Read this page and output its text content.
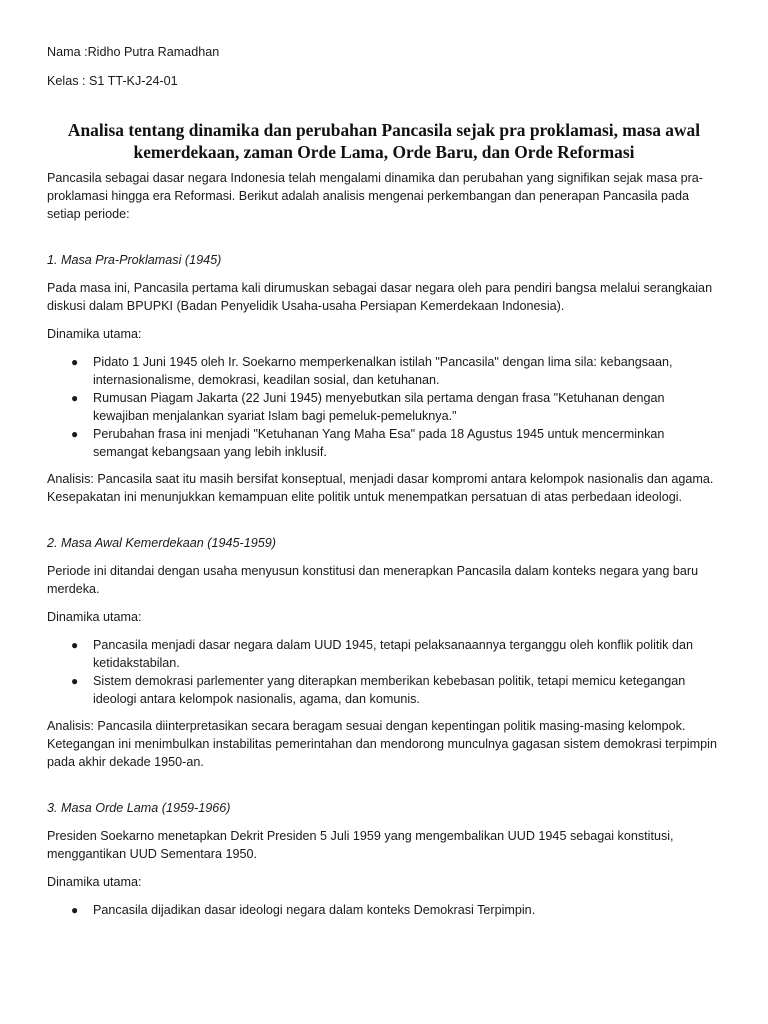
Nama :Ridho Putra Ramadhan
Kelas : S1 TT-KJ-24-01
Analisa tentang dinamika dan perubahan Pancasila sejak pra proklamasi, masa awal kemerdekaan, zaman Orde Lama, Orde Baru, dan Orde Reformasi

Pancasila sebagai dasar negara Indonesia telah mengalami dinamika dan perubahan yang signifikan sejak masa pra-proklamasi hingga era Reformasi. Berikut adalah analisis mengenai perkembangan dan penerapan Pancasila pada setiap periode:

1. Masa Pra-Proklamasi (1945)

Pada masa ini, Pancasila pertama kali dirumuskan sebagai dasar negara oleh para pendiri bangsa melalui serangkaian diskusi dalam BPUPKI (Badan Penyelidik Usaha-usaha Persiapan Kemerdekaan Indonesia).

Dinamika utama:

● Pidato 1 Juni 1945 oleh Ir. Soekarno memperkenalkan istilah "Pancasila" dengan lima sila: kebangsaan, internasionalisme, demokrasi, keadilan sosial, dan ketuhanan.
● Rumusan Piagam Jakarta (22 Juni 1945) menyebutkan sila pertama dengan frasa "Ketuhanan dengan kewajiban menjalankan syariat Islam bagi pemeluk-pemeluknya."
● Perubahan frasa ini menjadi "Ketuhanan Yang Maha Esa" pada 18 Agustus 1945 untuk mencerminkan semangat kebangsaan yang lebih inklusif.

Analisis: Pancasila saat itu masih bersifat konseptual, menjadi dasar kompromi antara kelompok nasionalis dan agama. Kesepakatan ini menunjukkan kemampuan elite politik untuk menempatkan persatuan di atas perbedaan ideologi.

2. Masa Awal Kemerdekaan (1945-1959)

Periode ini ditandai dengan usaha menyusun konstitusi dan menerapkan Pancasila dalam konteks negara yang baru merdeka.

Dinamika utama:

● Pancasila menjadi dasar negara dalam UUD 1945, tetapi pelaksanaannya terganggu oleh konflik politik dan ketidakstabilan.
● Sistem demokrasi parlementer yang diterapkan memberikan kebebasan politik, tetapi memicu ketegangan ideologi antara kelompok nasionalis, agama, dan komunis.

Analisis: Pancasila diinterpretasikan secara beragam sesuai dengan kepentingan politik masing-masing kelompok. Ketegangan ini menimbulkan instabilitas pemerintahan dan mendorong munculnya gagasan sistem demokrasi terpimpin pada akhir dekade 1950-an.

3. Masa Orde Lama (1959-1966)

Presiden Soekarno menetapkan Dekrit Presiden 5 Juli 1959 yang mengembalikan UUD 1945 sebagai konstitusi, menggantikan UUD Sementara 1950.

Dinamika utama:

● Pancasila dijadikan dasar ideologi negara dalam konteks Demokrasi Terpimpin.
